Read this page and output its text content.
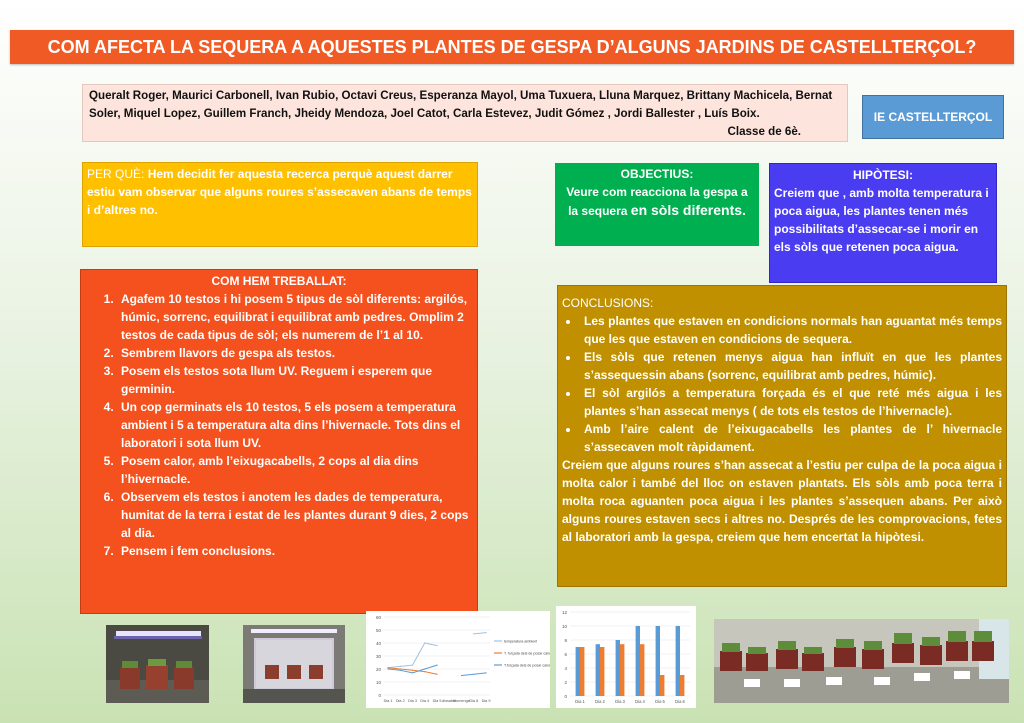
COM AFECTA LA SEQUERA A AQUESTES PLANTES DE GESPA D’ALGUNS JARDINS DE CASTELLTERÇOL?
Queralt Roger, Maurici Carbonell, Ivan Rubio, Octavi Creus, Esperanza Mayol, Uma Tuxuera, Lluna Marquez, Brittany Machicela, Bernat Soler, Miquel Lopez, Guillem Franch, Jheidy Mendoza, Joel Catot, Carla Estevez, Judit Gómez , Jordi Ballester , Luís Boix.
Classe de 6è.
IE CASTELLTERÇOL
PER QUÈ: Hem decidit fer aquesta recerca perquè aquest darrer estiu vam observar que alguns roures s’assecaven abans de temps i d’altres no.
OBJECTIUS:
Veure com reacciona la gespa a la sequera en sòls diferents.
HIPÒTESI:
Creiem que , amb molta temperatura i poca aigua, les plantes tenen més possibilitats d’assecar-se i morir en els sòls que retenen poca aigua.
COM HEM TREBALLAT:
1. Agafem 10 testos i hi posem 5 tipus de sòl diferents: argilós, húmic, sorrenc, equilibrat i equilibrat amb pedres. Omplim 2 testos de cada tipus de sòl; els numerem de l’1 al 10.
2. Sembrem llavors de gespa als testos.
3. Posem els testos sota llum UV. Reguem i esperem que germinin.
4. Un cop germinats els 10 testos, 5 els posem a temperatura ambient i 5 a temperatura alta dins l’hivernacle. Tots dins el laboratori i sota llum UV.
5. Posem calor, amb l’eixugacabells, 2 cops al dia dins l’hivernacle.
6. Observem els testos i anotem les dades de temperatura, humitat de la terra i estat de les plantes durant 9 dies, 2 cops al dia.
7. Pensem i fem conclusions.
CONCLUSIONS:
• Les plantes que estaven en condicions normals han aguantat més temps que les que estaven en condicions de sequera.
• Els sòls que retenen menys aigua han influït en que les plantes s’assequessin abans (sorrenc, equilibrat amb pedres, húmic).
• El sòl argilós a temperatura forçada és el que reté més aigua i les plantes s’han assecat menys ( de tots els testos de l’hivernacle).
• Amb l’aire calent de l’eixugacabells les plantes de l’ hivernacle s’assecaven molt ràpidament.
Creiem que alguns roures s’han assecat a l’estiu per culpa de la poca aigua i molta calor i també del lloc on estaven plantats. Els sòls amb poca terra i molta roca aguanten poca aigua i les plantes s’assequen abans. Per això alguns roures estaven secs i altres no. Després de les comprovacions, fetes al laboratori amb la gespa, creiem que hem encertat la hipòtesi.
0
10
20
30
40
50
60
Dia 1 Dia 2 Dia 3 Dia 4 Dia 5 dissabte
diumenge Dia 8 Dia 9
temperatura ambient
T. forçada dels de posar calor
T.forçada dels de posar calor
0
2
4
6
8
10
12
Dia 1 Dia 2 Dia 3 Dia 4 Dia 5 Dia 6
